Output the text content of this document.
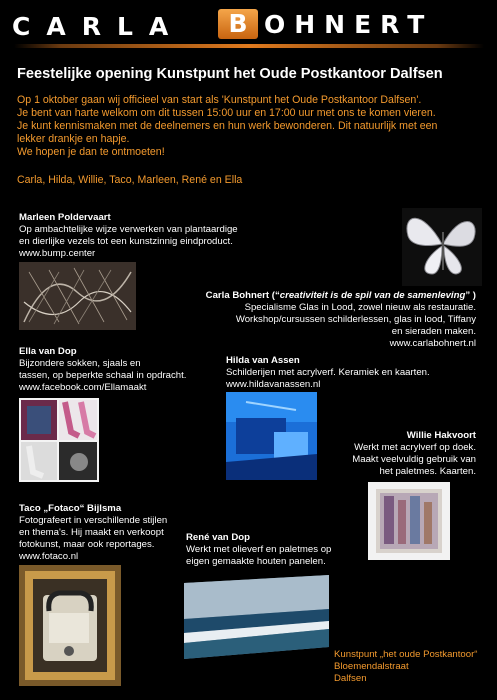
CARLA	B OHNERT
Feestelijke opening Kunstpunt het Oude Postkantoor Dalfsen

Op 1 oktober gaan wij officieel van start als 'Kunstpunt het Oude Postkantoor Dalfsen'.

Je bent van harte welkom om dit tussen 15:00 uur en 17:00 uur met ons te komen vieren.

Je kunt kennismaken met de deelnemers en hun werk bewonderen. Dit natuurlijk met een

lekker drankje en hapje.

We hopen je dan te ontmoeten!

Carla, Hilda, Willie, Taco, Marleen, René en Ella
Marleen Poldervaart
Op ambachtelijke wijze verwerken van plantaardige
en dierlijke vezels tot een kunstzinnig eindproduct.
www.bump.center
Carla Bohnert (“creativiteit is de spil van de samenleving” )
Specialisme Glas in Lood, zowel nieuw als restauratie.
Workshop/cursussen schilderlessen, glas in lood, Tiffany
en sieraden maken.
www.carlabohnert.nl
Ella van Dop
Bijzondere sokken, sjaals en
tassen, op beperkte schaal in opdracht.
www.facebook.com/Ellamaakt
Hilda van Assen
Schilderijen met acrylverf. Keramiek en kaarten.
www.hildavanassen.nl
Willie Hakvoort
Werkt met acrylverf op doek.
Maakt veelvuldig gebruik van
het paletmes. Kaarten.
Taco „Fotaco“ Bijlsma
Fotografeert in verschillende stijlen
en thema's. Hij maakt en verkoopt
fotokunst, maar ook reportages.
www.fotaco.nl
René van Dop
Werkt met olieverf en paletmes op
eigen gemaakte houten panelen.
Kunstpunt „het oude Postkantoor“
Bloemendalstraat
Dalfsen
